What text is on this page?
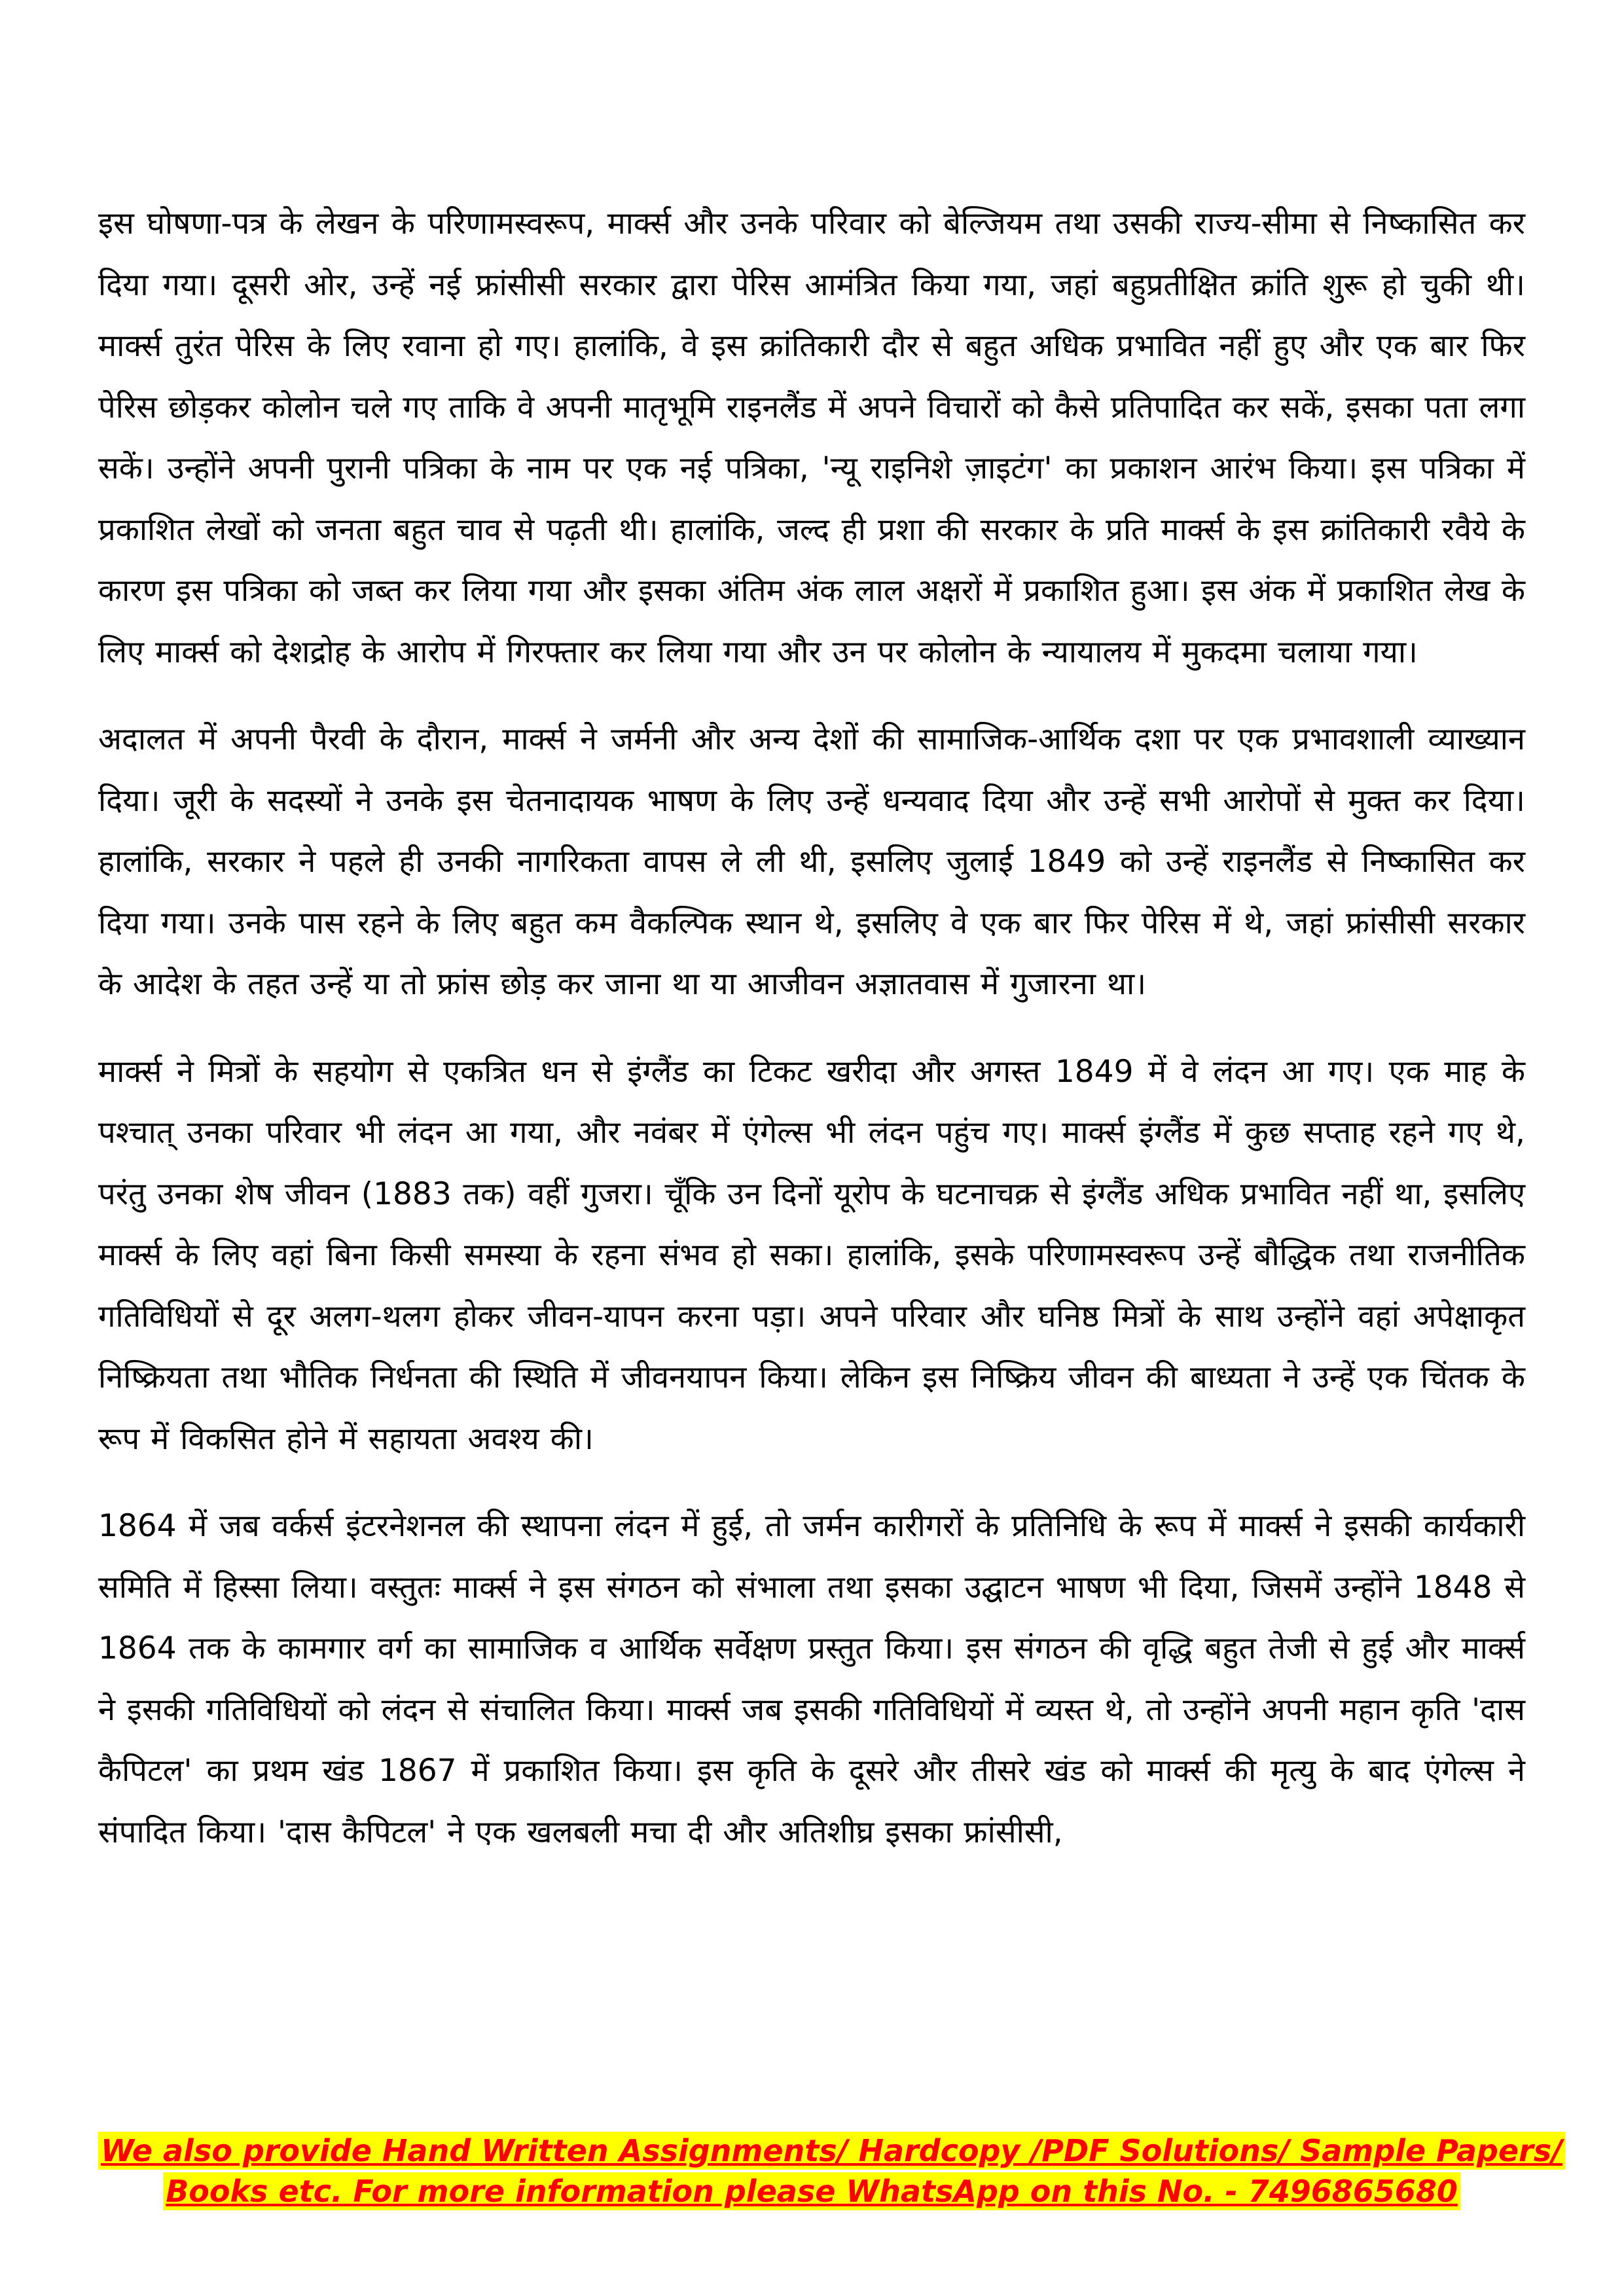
इस घोषणा-पत्र के लेखन के परिणामस्वरूप, मार्क्स और उनके परिवार को बेल्जियम तथा उसकी राज्य-सीमा से निष्कासित कर दिया गया। दूसरी ओर, उन्हें नई फ्रांसीसी सरकार द्वारा पेरिस आमंत्रित किया गया, जहां बहुप्रतीक्षित क्रांति शुरू हो चुकी थी। मार्क्स तुरंत पेरिस के लिए रवाना हो गए। हालांकि, वे इस क्रांतिकारी दौर से बहुत अधिक प्रभावित नहीं हुए और एक बार फिर पेरिस छोड़कर कोलोन चले गए ताकि वे अपनी मातृभूमि राइनलैंड में अपने विचारों को कैसे प्रतिपादित कर सकें, इसका पता लगा सकें। उन्होंने अपनी पुरानी पत्रिका के नाम पर एक नई पत्रिका, 'न्यू राइनिशे ज़ाइटंग' का प्रकाशन आरंभ किया। इस पत्रिका में प्रकाशित लेखों को जनता बहुत चाव से पढ़ती थी। हालांकि, जल्द ही प्रशा की सरकार के प्रति मार्क्स के इस क्रांतिकारी रवैये के कारण इस पत्रिका को जब्त कर लिया गया और इसका अंतिम अंक लाल अक्षरों में प्रकाशित हुआ। इस अंक में प्रकाशित लेख के लिए मार्क्स को देशद्रोह के आरोप में गिरफ्तार कर लिया गया और उन पर कोलोन के न्यायालय में मुकदमा चलाया गया।

अदालत में अपनी पैरवी के दौरान, मार्क्स ने जर्मनी और अन्य देशों की सामाजिक-आर्थिक दशा पर एक प्रभावशाली व्याख्यान दिया। जूरी के सदस्यों ने उनके इस चेतनादायक भाषण के लिए उन्हें धन्यवाद दिया और उन्हें सभी आरोपों से मुक्त कर दिया। हालांकि, सरकार ने पहले ही उनकी नागरिकता वापस ले ली थी, इसलिए जुलाई 1849 को उन्हें राइनलैंड से निष्कासित कर दिया गया। उनके पास रहने के लिए बहुत कम वैकल्पिक स्थान थे, इसलिए वे एक बार फिर पेरिस में थे, जहां फ्रांसीसी सरकार के आदेश के तहत उन्हें या तो फ्रांस छोड़ कर जाना था या आजीवन अज्ञातवास में गुजारना था।

मार्क्स ने मित्रों के सहयोग से एकत्रित धन से इंग्लैंड का टिकट खरीदा और अगस्त 1849 में वे लंदन आ गए। एक माह के पश्चात् उनका परिवार भी लंदन आ गया, और नवंबर में एंगेल्स भी लंदन पहुंच गए। मार्क्स इंग्लैंड में कुछ सप्ताह रहने गए थे, परंतु उनका शेष जीवन (1883 तक) वहीं गुजरा। चूँकि उन दिनों यूरोप के घटनाचक्र से इंग्लैंड अधिक प्रभावित नहीं था, इसलिए मार्क्स के लिए वहां बिना किसी समस्या के रहना संभव हो सका। हालांकि, इसके परिणामस्वरूप उन्हें बौद्धिक तथा राजनीतिक गतिविधियों से दूर अलग-थलग होकर जीवन-यापन करना पड़ा। अपने परिवार और घनिष्ठ मित्रों के साथ उन्होंने वहां अपेक्षाकृत निष्क्रियता तथा भौतिक निर्धनता की स्थिति में जीवनयापन किया। लेकिन इस निष्क्रिय जीवन की बाध्यता ने उन्हें एक चिंतक के रूप में विकसित होने में सहायता अवश्य की।

1864 में जब वर्कर्स इंटरनेशनल की स्थापना लंदन में हुई, तो जर्मन कारीगरों के प्रतिनिधि के रूप में मार्क्स ने इसकी कार्यकारी समिति में हिस्सा लिया। वस्तुतः मार्क्स ने इस संगठन को संभाला तथा इसका उद्घाटन भाषण भी दिया, जिसमें उन्होंने 1848 से 1864 तक के कामगार वर्ग का सामाजिक व आर्थिक सर्वेक्षण प्रस्तुत किया। इस संगठन की वृद्धि बहुत तेजी से हुई और मार्क्स ने इसकी गतिविधियों को लंदन से संचालित किया। मार्क्स जब इसकी गतिविधियों में व्यस्त थे, तो उन्होंने अपनी महान कृति 'दास कैपिटल' का प्रथम खंड 1867 में प्रकाशित किया। इस कृति के दूसरे और तीसरे खंड को मार्क्स की मृत्यु के बाद एंगेल्स ने संपादित किया। 'दास कैपिटल' ने एक खलबली मचा दी और अतिशीघ्र इसका फ्रांसीसी,

We also provide Hand Written Assignments/ Hardcopy /PDF Solutions/ Sample Papers/
Books etc. For more information please WhatsApp on this No. - 7496865680
